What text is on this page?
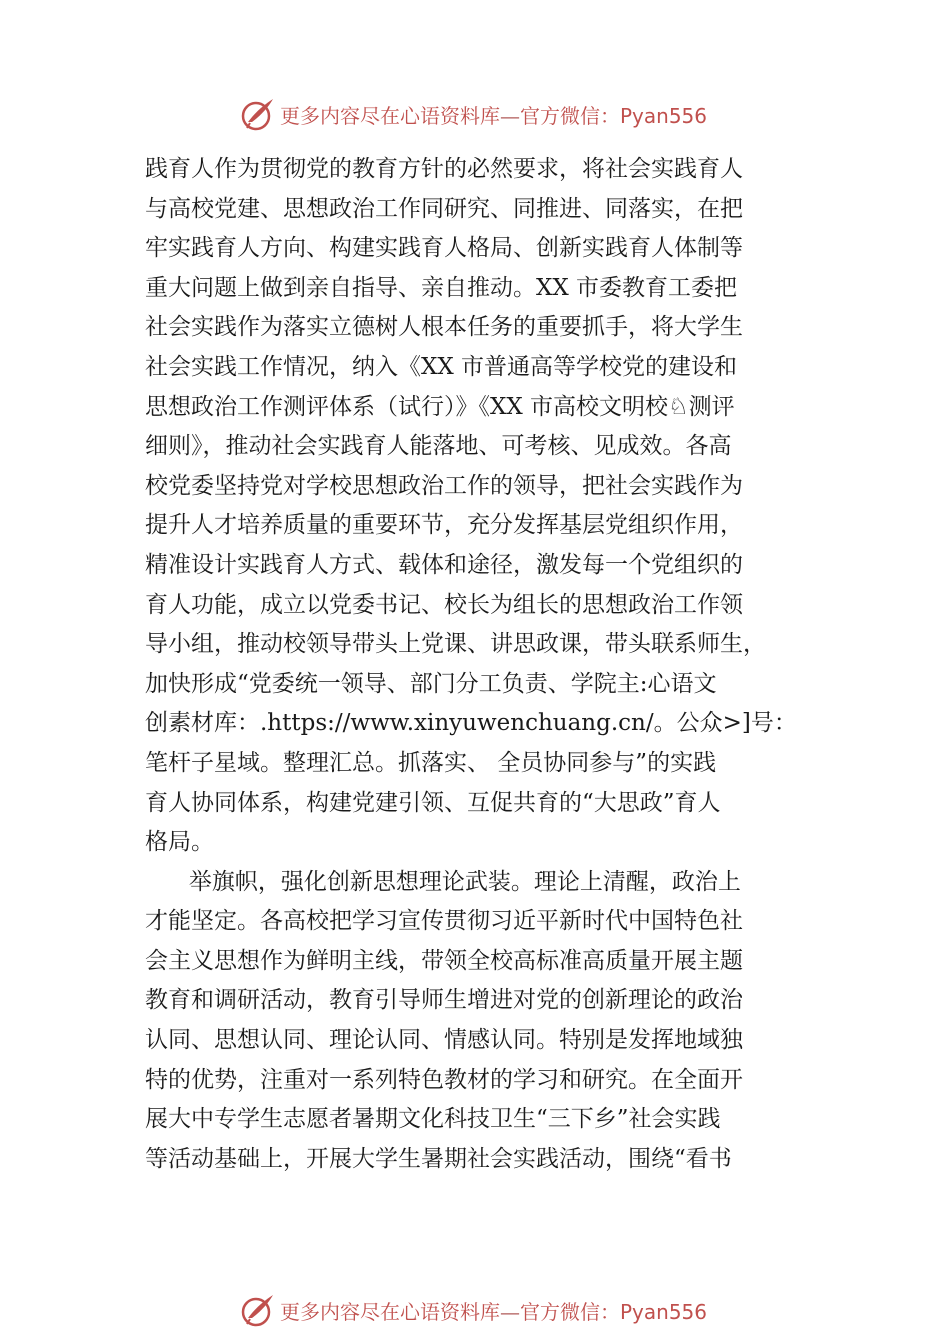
更多内容尽在心语资料库—官方微信：Pyan556
践育人作为贯彻党的教育方针的必然要求，将社会实践育人
与高校党建、思想政治工作同研究、同推进、同落实，在把
牢实践育人方向、构建实践育人格局、创新实践育人体制等
重大问题上做到亲自指导、亲自推动。XX 市委教育工委把
社会实践作为落实立德树人根本任务的重要抓手，将大学生
社会实践工作情况，纳入《XX 市普通高等学校党的建设和
思想政治工作测评体系（试行）》《XX 市高校文明校♘测评
细则》，推动社会实践育人能落地、可考核、见成效。各高
校党委坚持党对学校思想政治工作的领导，把社会实践作为
提升人才培养质量的重要环节，充分发挥基层党组织作用，
精准设计实践育人方式、载体和途径，激发每一个党组织的
育人功能，成立以党委书记、校长为组长的思想政治工作领
导小组，推动校领导带头上党课、讲思政课，带头联系师生，
加快形成“党委统一领导、部门分工负责、学院主:心语文
创素材库：.https://www.xinyuwenchuang.cn/。公众>]号：
笔杆子星域。整理汇总。抓落实、 全员协同参与”的实践
育人协同体系，构建党建引领、互促共育的“大思政”育人
格局。
举旗帜，强化创新思想理论武装。理论上清醒，政治上
才能坚定。各高校把学习宣传贯彻习近平新时代中国特色社
会主义思想作为鲜明主线，带领全校高标准高质量开展主题
教育和调研活动，教育引导师生增进对党的创新理论的政治
认同、思想认同、理论认同、情感认同。特别是发挥地域独
特的优势，注重对一系列特色教材的学习和研究。在全面开
展大中专学生志愿者暑期文化科技卫生“三下乡”社会实践
等活动基础上，开展大学生暑期社会实践活动，围绕“看书
更多内容尽在心语资料库—官方微信：Pyan556
